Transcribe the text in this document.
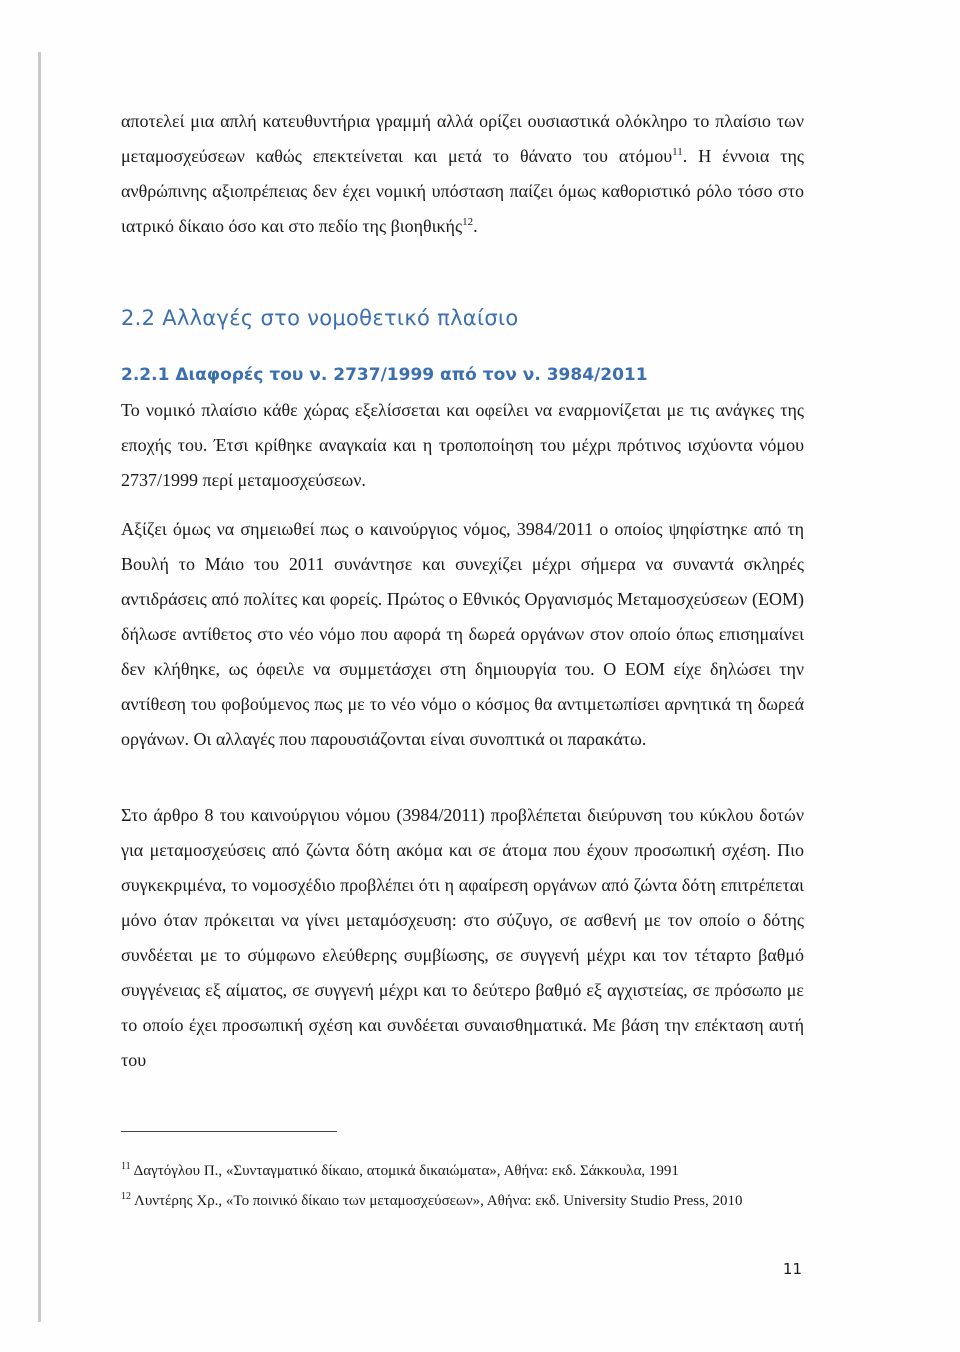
αποτελεί μια απλή κατευθυντήρια γραμμή αλλά ορίζει ουσιαστικά ολόκληρο το πλαίσιο των μεταμοσχεύσεων καθώς επεκτείνεται και μετά το θάνατο του ατόμου$^{11}$. Η έννοια της ανθρώπινης αξιοπρέπειας δεν έχει νομική υπόσταση παίζει όμως καθοριστικό ρόλο τόσο στο ιατρικό δίκαιο όσο και στο πεδίο της βιοηθικής$^{12}$.

2.2 Αλλαγές στο νομοθετικό πλαίσιο
2.2.1 Διαφορές του ν. 2737/1999 από τον ν. 3984/2011

Το νομικό πλαίσιο κάθε χώρας εξελίσσεται και οφείλει να εναρμονίζεται με τις ανάγκες της εποχής του. Έτσι κρίθηκε αναγκαία και η τροποποίηση του μέχρι πρότινος ισχύοντα νόμου 2737/1999 περί μεταμοσχεύσεων.

Αξίζει όμως να σημειωθεί πως ο καινούργιος νόμος, 3984/2011 ο οποίος ψηφίστηκε από τη Βουλή το Μάιο του 2011 συνάντησε και συνεχίζει μέχρι σήμερα να συναντά σκληρές αντιδράσεις από πολίτες και φορείς. Πρώτος ο Εθνικός Οργανισμός Μεταμοσχεύσεων (ΕΟΜ) δήλωσε αντίθετος στο νέο νόμο που αφορά τη δωρεά οργάνων στον οποίο όπως επισημαίνει δεν κλήθηκε, ως όφειλε να συμμετάσχει στη δημιουργία του. Ο ΕΟΜ είχε δηλώσει την αντίθεση του φοβούμενος πως με το νέο νόμο ο κόσμος θα αντιμετωπίσει αρνητικά τη δωρεά οργάνων. Οι αλλαγές που παρουσιάζονται είναι συνοπτικά οι παρακάτω.

Στο άρθρο 8 του καινούργιου νόμου (3984/2011) προβλέπεται διεύρυνση του κύκλου δοτών για μεταμοσχεύσεις από ζώντα δότη ακόμα και σε άτομα που έχουν προσωπική σχέση. Πιο συγκεκριμένα, το νομοσχέδιο προβλέπει ότι η αφαίρεση οργάνων από ζώντα δότη επιτρέπεται μόνο όταν πρόκειται να γίνει μεταμόσχευση: στο σύζυγο, σε ασθενή με τον οποίο ο δότης συνδέεται με το σύμφωνο ελεύθερης συμβίωσης, σε συγγενή μέχρι και τον τέταρτο βαθμό συγγένειας εξ αίματος, σε συγγενή μέχρι και το δεύτερο βαθμό εξ αγχιστείας, σε πρόσωπο με το οποίο έχει προσωπική σχέση και συνδέεται συναισθηματικά. Με βάση την επέκταση αυτή του

$^{11}$ Δαγτόγλου Π., «Συνταγματικό δίκαιο, ατομικά δικαιώματα», Αθήνα: εκδ. Σάκκουλα, 1991

$^{12}$ Λυντέρης Χρ., «Το ποινικό δίκαιο των μεταμοσχεύσεων», Αθήνα: εκδ. University Studio Press, 2010

11
